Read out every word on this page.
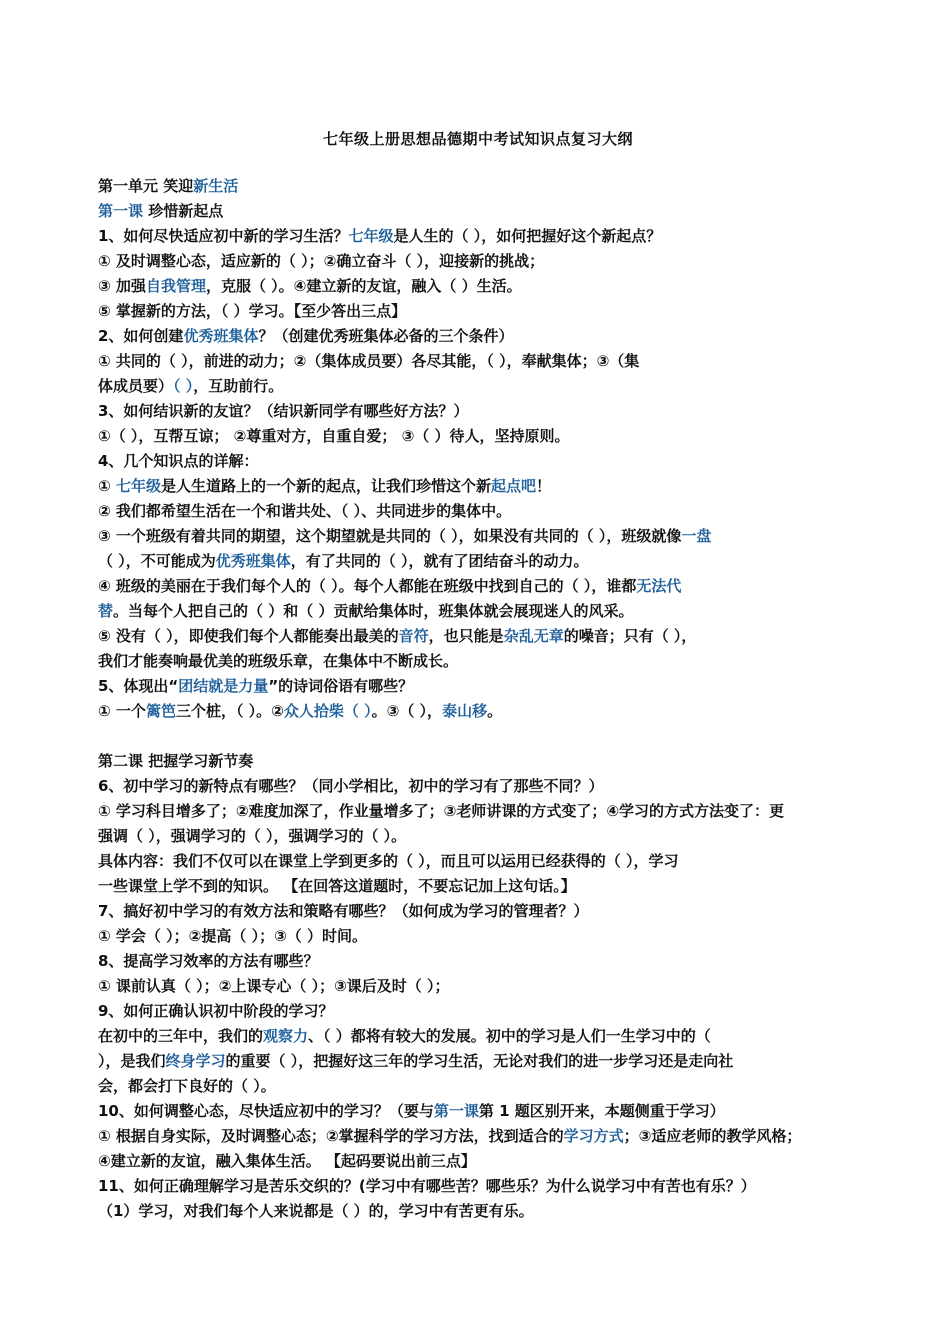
七年级上册思想品德期中考试知识点复习大纲
第一单元 笑迎新生活
第一课 珍惜新起点
1、如何尽快适应初中新的学习生活？七年级是人生的（ ），如何把握好这个新起点？
① 及时调整心态，适应新的（ ）；②确立奋斗（ ），迎接新的挑战；
③ 加强自我管理，克服（ ）。④建立新的友谊，融入（ ）生活。
⑤ 掌握新的方法，（ ）学习。【至少答出三点】
2、如何创建优秀班集体？（创建优秀班集体必备的三个条件）
① 共同的（ ），前进的动力；②（集体成员要）各尽其能，（ ），奉献集体；③（集
体成员要）（ ），互助前行。
3、如何结识新的友谊？（结识新同学有哪些好方法？）
①（ ），互帮互谅； ②尊重对方，自重自爱； ③（ ）待人，坚持原则。
4、几个知识点的详解：
① 七年级是人生道路上的一个新的起点，让我们珍惜这个新起点吧！
② 我们都希望生活在一个和谐共处、（ ）、共同进步的集体中。
③ 一个班级有着共同的期望，这个期望就是共同的（ ），如果没有共同的（ ），班级就像一盘
（ ），不可能成为优秀班集体，有了共同的（ ），就有了团结奋斗的动力。
④ 班级的美丽在于我们每个人的（ ）。每个人都能在班级中找到自己的（ ），谁都无法代
替。当每个人把自己的（ ）和（ ）贡献给集体时，班集体就会展现迷人的风采。
⑤ 没有（ ），即使我们每个人都能奏出最美的音符，也只能是杂乱无章的噪音；只有（ ），
我们才能奏响最优美的班级乐章，在集体中不断成长。
5、体现出“团结就是力量”的诗词俗语有哪些？
① 一个篱笆三个桩，（ ）。②众人拾柴（ ）。③（ ），泰山移。
第二课 把握学习新节奏
6、初中学习的新特点有哪些？（同小学相比，初中的学习有了那些不同？）
① 学习科目增多了；②难度加深了，作业量增多了；③老师讲课的方式变了；④学习的方式方法变了：更
强调（ ），强调学习的（ ），强调学习的（ ）。
具体内容：我们不仅可以在课堂上学到更多的（ ），而且可以运用已经获得的（ ），学习
一些课堂上学不到的知识。 【在回答这道题时，不要忘记加上这句话。】
7、搞好初中学习的有效方法和策略有哪些？（如何成为学习的管理者？）
① 学会（ ）；②提高（ ）；③（ ）时间。
8、提高学习效率的方法有哪些？
① 课前认真（ ）；②上课专心（ ）；③课后及时（ ）；
9、如何正确认识初中阶段的学习？
在初中的三年中，我们的观察力、（ ）都将有较大的发展。初中的学习是人们一生学习中的（
），是我们终身学习的重要（ ），把握好这三年的学习生活，无论对我们的进一步学习还是走向社
会，都会打下良好的（ ）。
10、如何调整心态，尽快适应初中的学习？（要与第一课第 1 题区别开来，本题侧重于学习）
① 根据自身实际，及时调整心态；②掌握科学的学习方法，找到适合的学习方式；③适应老师的教学风格；
④建立新的友谊，融入集体生活。 【起码要说出前三点】
11、如何正确理解学习是苦乐交织的？(学习中有哪些苦？哪些乐？为什么说学习中有苦也有乐？）
（1）学习，对我们每个人来说都是（ ）的，学习中有苦更有乐。
